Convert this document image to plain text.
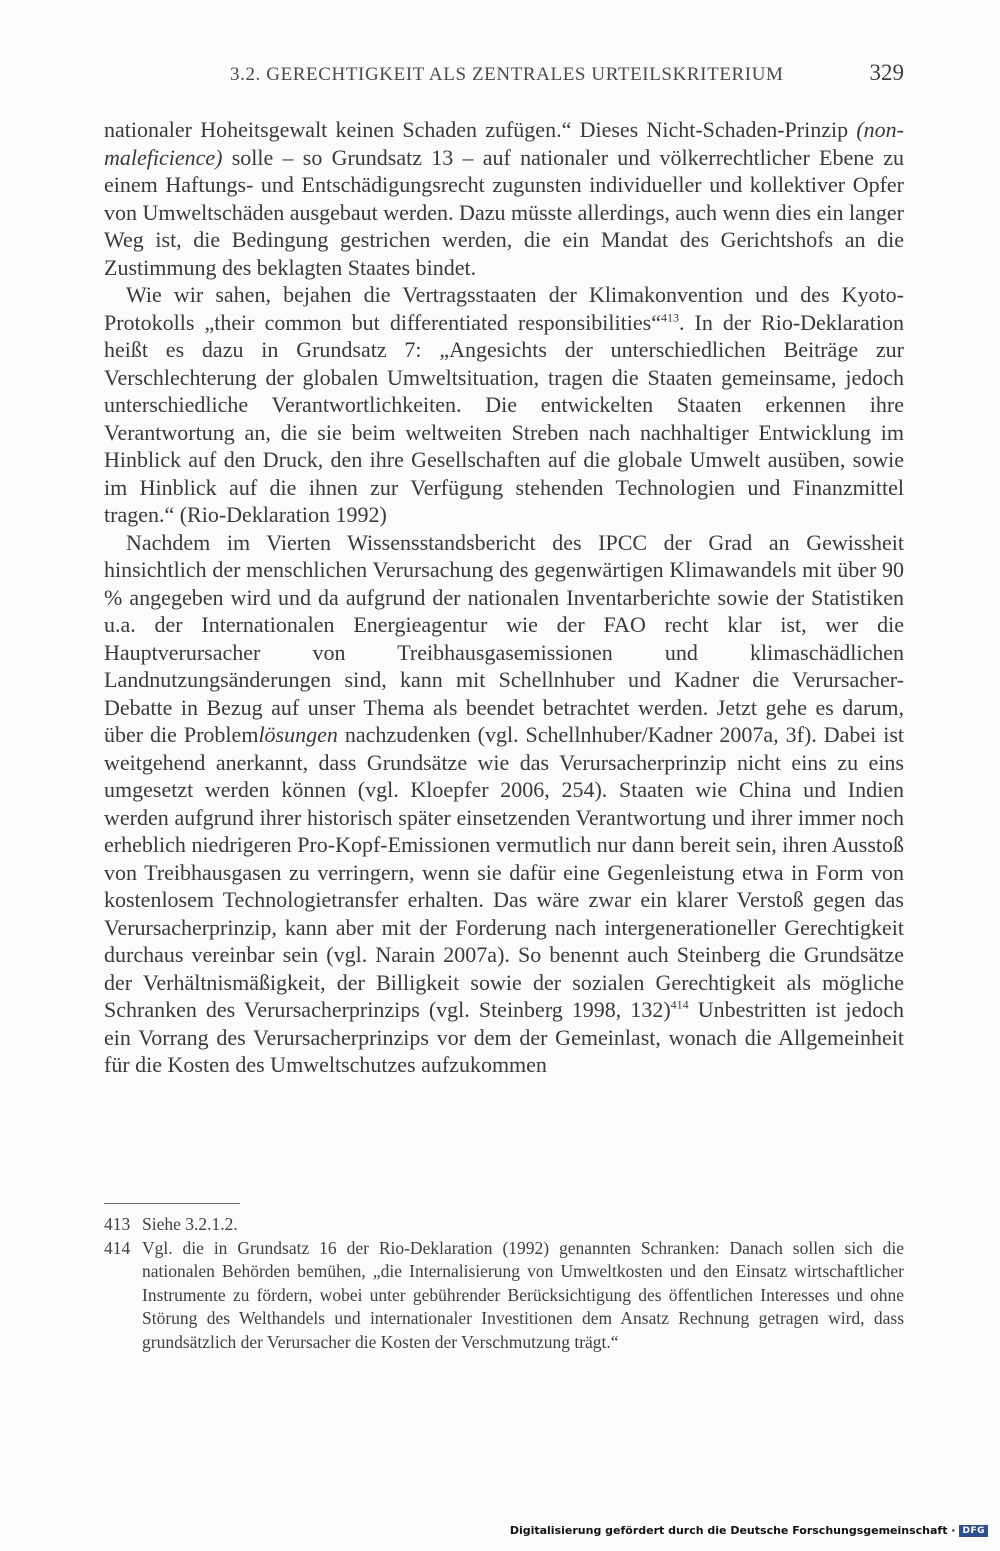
3.2. GERECHTIGKEIT ALS ZENTRALES URTEILSKRITERIUM	329

nationaler Hoheitsgewalt keinen Schaden zufügen.“ Dieses Nicht-Schaden-Prinzip (non-maleficience) solle – so Grundsatz 13 – auf nationaler und völkerrechtlicher Ebene zu einem Haftungs- und Entschädigungsrecht zugunsten individueller und kollektiver Opfer von Umweltschäden ausgebaut werden. Dazu müsste allerdings, auch wenn dies ein langer Weg ist, die Bedingung gestrichen werden, die ein Mandat des Gerichtshofs an die Zustimmung des beklagten Staates bindet.

Wie wir sahen, bejahen die Vertragsstaaten der Klimakonvention und des Kyoto-Protokolls „their common but differentiated responsibilities“$^{413}$. In der Rio-Deklaration heißt es dazu in Grundsatz 7: „Angesichts der unterschiedlichen Beiträge zur Verschlechterung der globalen Umweltsituation, tragen die Staaten gemeinsame, jedoch unterschiedliche Verantwortlichkeiten. Die entwickelten Staaten erkennen ihre Verantwortung an, die sie beim weltweiten Streben nach nachhaltiger Entwicklung im Hinblick auf den Druck, den ihre Gesellschaften auf die globale Umwelt ausüben, sowie im Hinblick auf die ihnen zur Verfügung stehenden Technologien und Finanzmittel tragen.“ (Rio-Deklaration 1992)

Nachdem im Vierten Wissensstandsbericht des IPCC der Grad an Gewissheit hinsichtlich der menschlichen Verursachung des gegenwärtigen Klimawandels mit über 90 % angegeben wird und da aufgrund der nationalen Inventarberichte sowie der Statistiken u.a. der Internationalen Energieagentur wie der FAO recht klar ist, wer die Hauptverursacher von Treibhausgasemissionen und klimaschädlichen Landnutzungsänderungen sind, kann mit Schellnhuber und Kadner die Verursacher-Debatte in Bezug auf unser Thema als beendet betrachtet werden. Jetzt gehe es darum, über die Problemlösungen nachzudenken (vgl. Schellnhuber/Kadner 2007a, 3f). Dabei ist weitgehend anerkannt, dass Grundsätze wie das Verursacherprinzip nicht eins zu eins umgesetzt werden können (vgl. Kloepfer 2006, 254). Staaten wie China und Indien werden aufgrund ihrer historisch später einsetzenden Verantwortung und ihrer immer noch erheblich niedrigeren Pro-Kopf-Emissionen vermutlich nur dann bereit sein, ihren Ausstoß von Treibhausgasen zu verringern, wenn sie dafür eine Gegenleistung etwa in Form von kostenlosem Technologietransfer erhalten. Das wäre zwar ein klarer Verstoß gegen das Verursacherprinzip, kann aber mit der Forderung nach intergenerationeller Gerechtigkeit durchaus vereinbar sein (vgl. Narain 2007a). So benennt auch Steinberg die Grundsätze der Verhältnismäßigkeit, der Billigkeit sowie der sozialen Gerechtigkeit als mögliche Schranken des Verursacherprinzips (vgl. Steinberg 1998, 132)$^{414}$ Unbestritten ist jedoch ein Vorrang des Verursacherprinzips vor dem der Gemeinlast, wonach die Allgemeinheit für die Kosten des Umweltschutzes aufzukommen

413 Siehe 3.2.1.2.
414 Vgl. die in Grundsatz 16 der Rio-Deklaration (1992) genannten Schranken: Danach sollen sich die nationalen Behörden bemühen, „die Internalisierung von Umweltkosten und den Einsatz wirtschaftlicher Instrumente zu fördern, wobei unter gebührender Berücksichtigung des öffentlichen Interesses und ohne Störung des Welthandels und internationaler Investitionen dem Ansatz Rechnung getragen wird, dass grundsätzlich der Verursacher die Kosten der Verschmutzung trägt.“
Digitalisierung gefördert durch die Deutsche Forschungsgemeinschaft · DFG
